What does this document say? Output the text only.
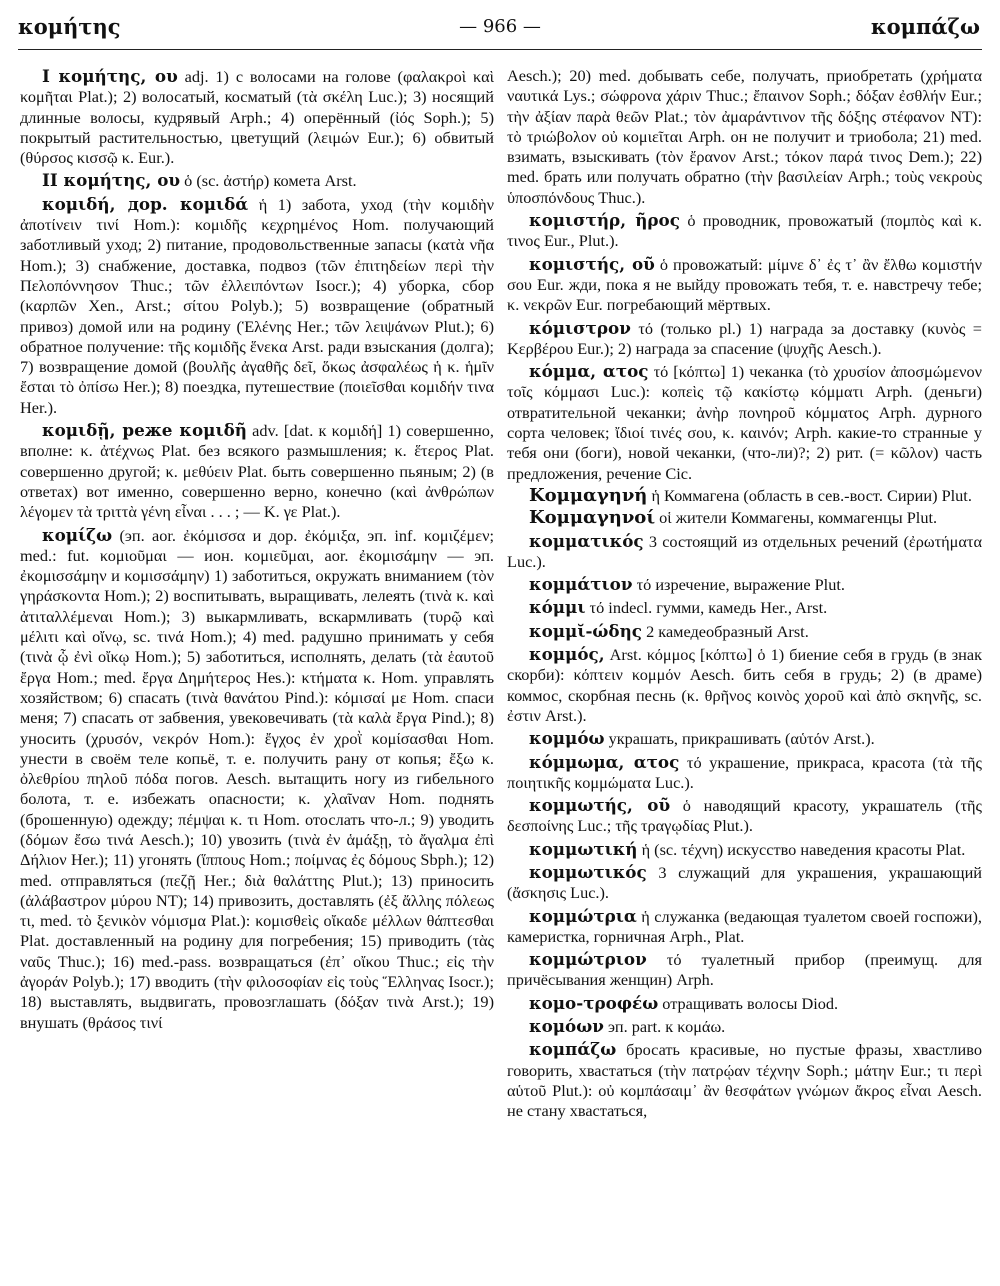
κομήτης	— 966 —	κομπάζω

I κομήτης, ου adj. 1) с волосами на голове (φαλακροὶ καὶ κομῆται Plat.); 2) волосатый, косматый (τὰ σκέλη Luc.); 3) носящий длинные волосы, кудрявый Arph.; 4) оперённый (ἰός Soph.); 5) покрытый растительностью, цветущий (λειμών Eur.); 6) обвитый (θύρσος κισσῷ κ. Eur.).

II κομήτης, ου ὁ (sc. ἀστήρ) комета Arst.

κομιδή, дор. κομιδά ἡ 1) забота, уход (τὴν κομιδὴν ἀποτίνειν τινί Hom.): κομιδῆς κεχρημένος Hom. получающий заботливый уход; 2) питание, продовольственные запасы (κατὰ νῆα Hom.); 3) снабжение, доставка, подвоз (τῶν ἐπιτηδείων περὶ τὴν Πελοπόννησον Thuc.; τῶν ἐλλειπόντων Isocr.); 4) уборка, сбор (καρπῶν Xen., Arst.; σίτου Polyb.); 5) возвращение (обратный привоз) домой или на родину (Ἑλένης Her.; τῶν λειψάνων Plut.); 6) обратное получение: τῆς κομιδῆς ἕνεκα Arst. ради взыскания (долга); 7) возвращение домой (βουλῆς ἀγαθῆς δεῖ, ὅκως ἀσφαλέως ἡ κ. ἡμῖν ἔσται τὸ ὀπίσω Her.); 8) поездка, путешествие (ποιεῖσθαι κομιδήν τινα Her.).

κομιδῇ, реже κομιδῆ adv. [dat. к κομιδή] 1) совершенно, вполне: κ. ἀτέχνως Plat. без всякого размышления; κ. ἕτερος Plat. совершенно другой; κ. μεθύειν Plat. быть совершенно пьяным; 2) (в ответах) вот именно, совершенно верно, конечно (καὶ ἀνθρώπων λέγομεν τὰ τριττὰ γένη εἶναι . . . ; — Κ. γε Plat.).

κομίζω (эп. aor. ἐκόμισσα и дор. ἐκόμιξα, эп. inf. κομιζέμεν; med.: fut. κομιοῦμαι — ион. κομιεῦμαι, aor. ἐκομισάμην — эп. ἐκομισσάμην и κομισσάμην) 1) заботиться, окружать вниманием (τὸν γηράσκοντα Hom.); 2) воспитывать, выращивать, лелеять (τινὰ κ. καὶ ἀτιταλλέμεναι Hom.); 3) выкармливать, вскармливать (τυρῷ καὶ μέλιτι καὶ οἴνῳ, sc. τινά Hom.); 4) med. радушно принимать у себя (τινὰ ᾧ ἐνὶ οἴκῳ Hom.); 5) заботиться, исполнять, делать (τὰ ἑαυτοῦ ἔργα Hom.; med. ἔργα Δημήτερος Hes.): κτήματα κ. Hom. управлять хозяйством; 6) спасать (τινὰ θανάτου Pind.): κόμισαί με Hom. спаси меня; 7) спасать от забвения, увековечивать (τὰ καλὰ ἔργα Pind.); 8) уносить (χρυσόν, νεκρόν Hom.): ἔγχος ἐν χροῒ κομίσασθαι Hom. унести в своём теле копьё, т. е. получить рану от копья; ἔξω κ. ὀλεθρίου πηλοῦ πόδα погов. Aesch. вытащить ногу из гибельного болота, т. е. избежать опасности; κ. χλαῖναν Hom. поднять (брошенную) одежду; πέμψαι κ. τι Hom. отослать что-л.; 9) уводить (δόμων ἔσω τινά Aesch.); 10) увозить (τινὰ ἐν ἁμάξῃ, τὸ ἄγαλμα ἐπὶ Δήλιον Her.); 11) угонять (ἵππους Hom.; ποίμνας ἐς δόμους Sbph.); 12) med. отправляться (πεζῇ Her.; διὰ θαλάττης Plut.); 13) приносить (ἀλάβαστρον μύρου NT); 14) привозить, доставлять (ἐξ ἄλλης πόλεως τι, med. τὸ ξενικὸν νόμισμα Plat.): κομισθεὶς οἴκαδε μέλλων θάπτεσθαι Plat. доставленный на родину для погребения; 15) приводить (τὰς ναῦς Thuc.); 16) med.-pass. возвращаться (ἐπ᾽ οἴκου Thuc.; εἰς τὴν ἀγοράν Polyb.); 17) вводить (τὴν φιλοσοφίαν εἰς τοὺς Ἕλληνας Isocr.); 18) выставлять, выдвигать, провозглашать (δόξαν τινὰ Arst.); 19) внушать (θράσος τινί

Aesch.); 20) med. добывать себе, получать, приобретать (χρήματα ναυτικά Lys.; σώφρονα χάριν Thuc.; ἔπαινον Soph.; δόξαν ἐσθλήν Eur.; τὴν ἀξίαν παρὰ θεῶν Plat.; τὸν ἀμαράντινον τῆς δόξης στέφανον NT): τὸ τριώβολον οὐ κομιεῖται Arph. он не получит и триобола; 21) med. взимать, взыскивать (τὸν ἔρανον Arst.; τόκον παρά τινος Dem.); 22) med. брать или получать обратно (τὴν βασιλείαν Arph.; τοὺς νεκροὺς ὑποσπόνδους Thuc.).

κομιστήρ, ῆρος ὁ проводник, провожатый (πομπὸς καὶ κ. τινος Eur., Plut.).

κομιστής, οῦ ὁ провожатый: μίμνε δ᾽ ἐς τ᾽ ἂν ἔλθω κομιστήν σου Eur. жди, пока я не выйду провожать тебя, т. е. навстречу тебе; κ. νεκρῶν Eur. погребающий мёртвых.

κόμιστρον τό (только pl.) 1) награда за доставку (κυνὸς = Κερβέρου Eur.); 2) награда за спасение (ψυχῆς Aesch.).

κόμμα, ατος τό [κόπτω] 1) чеканка (τὸ χρυσίον ἀποσμώμενον τοῖς κόμμασι Luc.): κοπεὶς τῷ κακίστῳ κόμματι Arph. (деньги) отвратительной чеканки; ἀνὴρ πονηροῦ κόμματος Arph. дурного сорта человек; ἴδιοί τινές σου, κ. καινόν; Arph. какие-то странные у тебя они (боги), новой чеканки, (что-ли)?; 2) рит. (= κῶλον) часть предложения, речение Cic.

Κομμαγηνή ἡ Коммагена (область в сев.-вост. Сирии) Plut.

Κομμαγηνοί οἱ жители Коммагены, коммагенцы Plut.

κομματικός 3 состоящий из отдельных речений (ἐρωτήματα Luc.).

κομμάτιον τό изречение, выражение Plut.

κόμμι τό indecl. гумми, камедь Her., Arst.

κομμῐ-ώδης 2 камедеобразный Arst.

κομμός, Arst. κόμμος [κόπτω] ὁ 1) биение себя в грудь (в знак скорби): κόπτειν κομμόν Aesch. бить себя в грудь; 2) (в драме) коммос, скорбная песнь (κ. θρῆνος κοινὸς χοροῦ καὶ ἀπὸ σκηνῆς, sc. ἐστιν Arst.).

κομμόω украшать, прикрашивать (αὑτόν Arst.).

κόμμωμα, ατος τό украшение, прикраса, красота (τὰ τῆς ποιητικῆς κομμώματα Luc.).

κομμωτής, οῦ ὁ наводящий красоту, украшатель (τῆς δεσποίνης Luc.; τῆς τραγῳδίας Plut.).

κομμωτική ἡ (sc. τέχνη) искусство наведения красоты Plat.

κομμωτικός 3 служащий для украшения, украшающий (ἄσκησις Luc.).

κομμώτρια ἡ служанка (ведающая туалетом своей госпожи), камеристка, горничная Arph., Plat.

κομμώτριον τό туалетный прибор (преимущ. для причёсывания женщин) Arph.

κομο-τροφέω отращивать волосы Diod.

κομόων эп. part. к κομάω.

κομπάζω бросать красивые, но пустые фразы, хвастливо говорить, хвастаться (τὴν πατρῴαν τέχνην Soph.; μάτην Eur.; τι περὶ αὑτοῦ Plut.): οὐ κομπάσαιμ᾽ ἂν θεσφάτων γνώμων ἄκρος εἶναι Aesch. не стану хвастаться,
